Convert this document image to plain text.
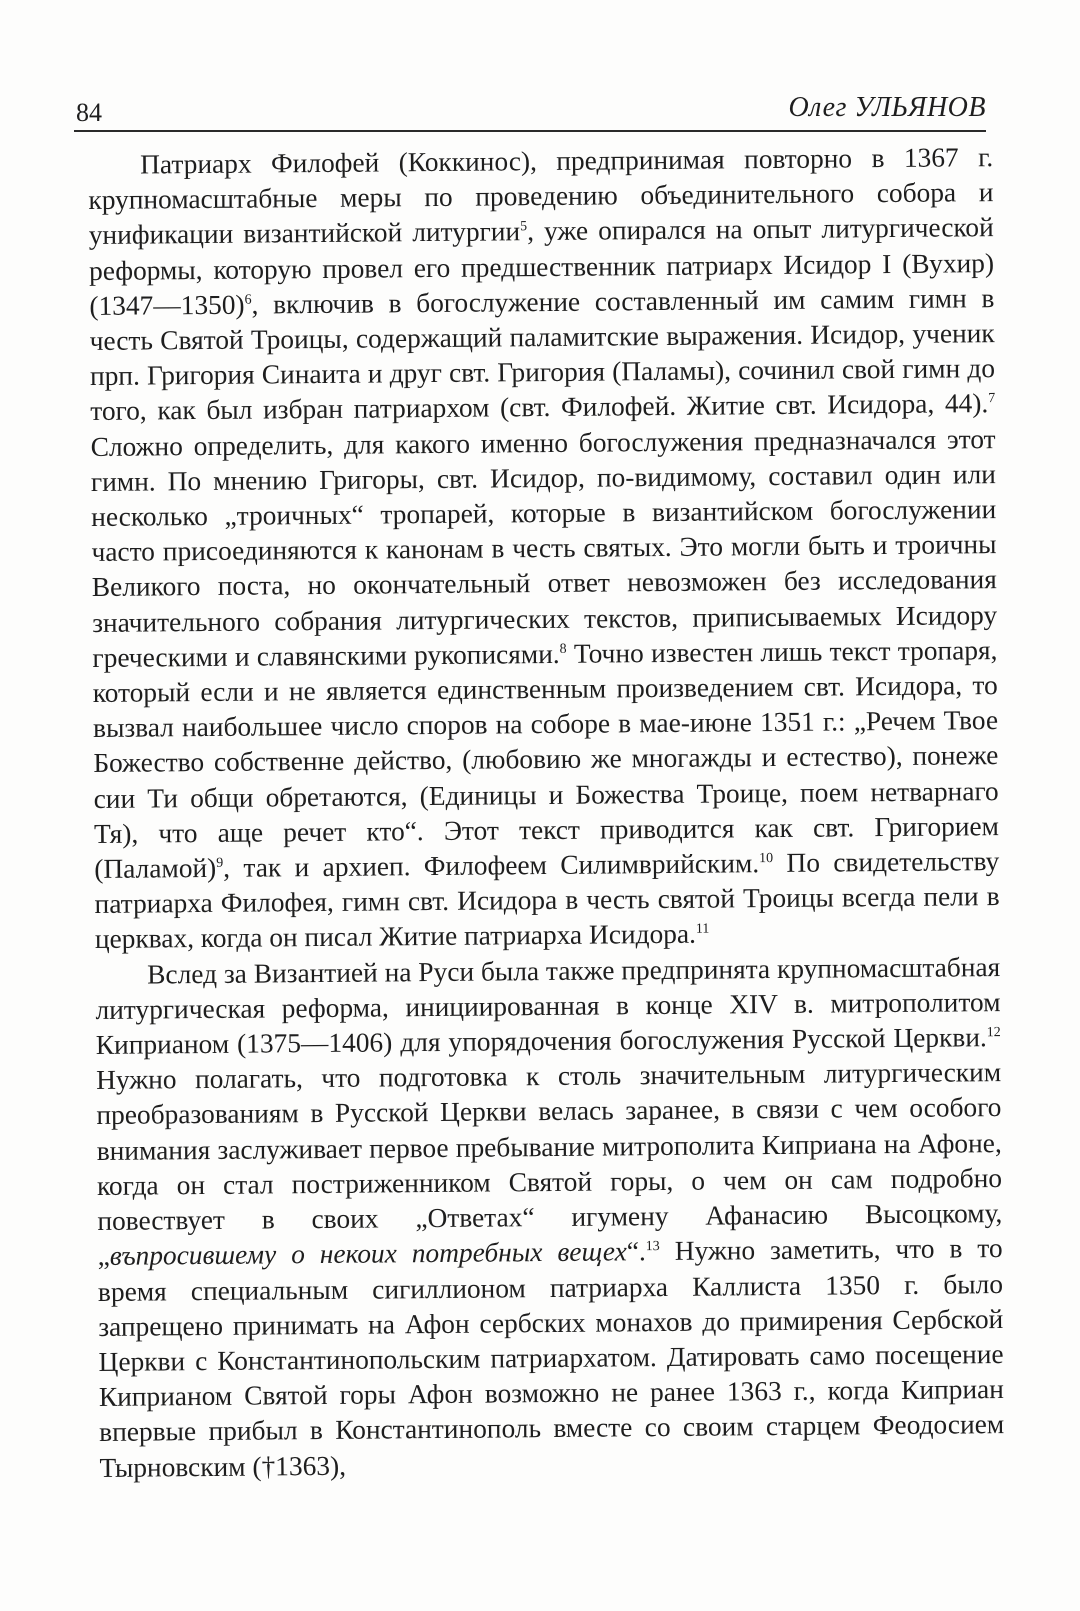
84	Олег УЛЬЯНОВ

Патриарх Филофей (Коккинос), предпринимая повторно в 1367 г. крупномасштабные меры по проведению объединительного собора и унификации византийской литургии$^5$, уже опирался на опыт литургической реформы, которую провел его предшественник патриарх Исидор I (Вухир) (1347—1350)$^6$, включив в богослужение составленный им самим гимн в честь Святой Троицы, содержащий паламитские выражения. Исидор, ученик прп. Григория Синаита и друг свт. Григория (Паламы), сочинил свой гимн до того, как был избран патриархом (свт. Филофей. Житие свт. Исидора, 44).$^7$ Сложно определить, для какого именно богослужения предназначался этот гимн. По мнению Григоры, свт. Исидор, по-видимому, составил один или несколько „троичных“ тропарей, которые в византийском богослужении часто присоединяются к канонам в честь святых. Это могли быть и троичны Великого поста, но окончательный ответ невозможен без исследования значительного собрания литургических текстов, приписываемых Исидору греческими и славянскими рукописями.$^8$ Точно известен лишь текст тропаря, который если и не является единственным произведением свт. Исидора, то вызвал наибольшее число споров на соборе в мае-июне 1351 г.: „Речем Твое Божество собственне действо, (любовию же многажды и естество), понеже сии Ти общи обретаются, (Единицы и Божества Троице, поем нетварнаго Тя), что аще речет кто“. Этот текст приводится как свт. Григорием (Паламой)$^9$, так и архиеп. Филофеем Силимврийским.$^{10}$ По свидетельству патриарха Филофея, гимн свт. Исидора в честь святой Троицы всегда пели в церквах, когда он писал Житие патриарха Исидора.$^{11}$

Вслед за Византией на Руси была также предпринята крупномасштабная литургическая реформа, инициированная в конце XIV в. митрополитом Киприаном (1375—1406) для упорядочения богослужения Русской Церкви.$^{12}$ Нужно полагать, что подготовка к столь значительным литургическим преобразованиям в Русской Церкви велась заранее, в связи с чем особого внимания заслуживает первое пребывание митрополита Киприана на Афоне, когда он стал постриженником Святой горы, о чем он сам подробно повествует в своих „Ответах“ игумену Афанасию Высоцкому, „въпросившему о некоих потребных вещех“.$^{13}$ Нужно заметить, что в то время специальным сигиллионом патриарха Каллиста 1350 г. было запрещено принимать на Афон сербских монахов до примирения Сербской Церкви с Константинопольским патриархатом. Датировать само посещение Киприаном Святой горы Афон возможно не ранее 1363 г., когда Киприан впервые прибыл в Константинополь вместе со своим старцем Феодосием Тырновским (†1363),
